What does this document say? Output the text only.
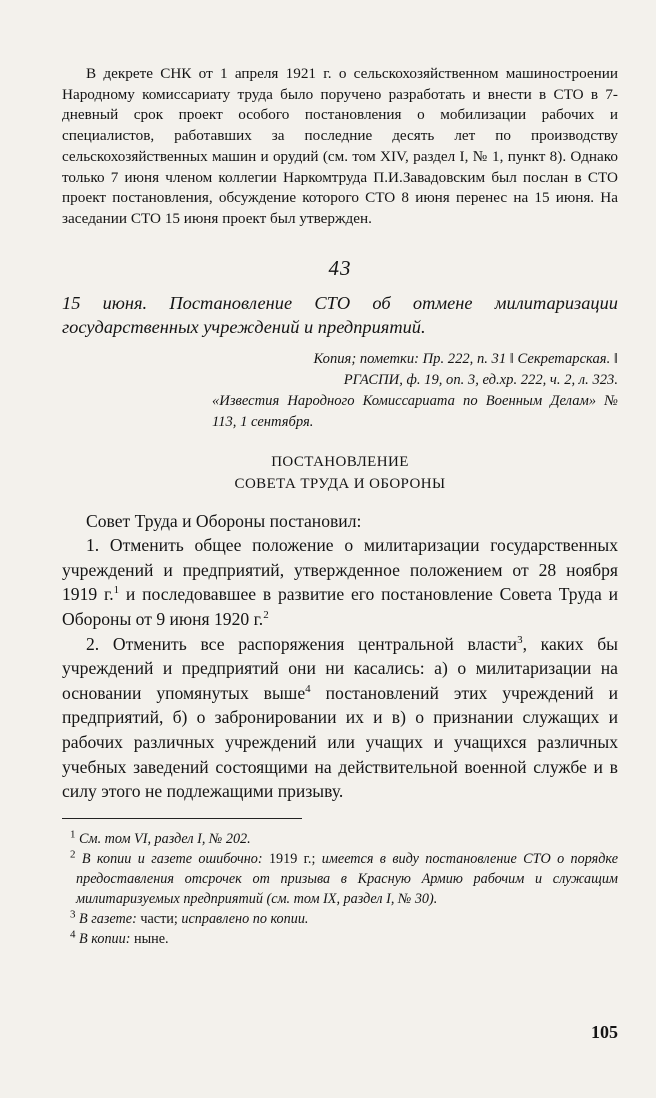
В декрете СНК от 1 апреля 1921 г. о сельскохозяйственном машиностроении Народному комиссариату труда было поручено разработать и внести в СТО в 7-дневный срок проект особого постановления о мобилизации рабочих и специалистов, работавших за последние десять лет по производству сельскохозяйственных машин и орудий (см. том XIV, раздел I, № 1, пункт 8). Однако только 7 июня членом коллегии Наркомтруда П.И.Завадовским был послан в СТО проект постановления, обсуждение которого СТО 8 июня перенес на 15 июня. На заседании СТО 15 июня проект был утвержден.

43

15 июня. Постановление СТО об отмене милитаризации государственных учреждений и предприятий.

Копия; пометки: Пр. 222, п. 31 ‖ Секретарская. ‖
РГАСПИ, ф. 19, оп. 3, ед.хр. 222, ч. 2, л. 323.
«Известия Народного Комиссариата по Военным Делам» № 113, 1 сентября.
ПОСТАНОВЛЕНИЕ
СОВЕТА ТРУДА И ОБОРОНЫ

Совет Труда и Обороны постановил:

1. Отменить общее положение о милитаризации государственных учреждений и предприятий, утвержденное положением от 28 ноября 1919 г.$^1$ и последовавшее в развитие его постановление Совета Труда и Обороны от 9 июня 1920 г.$^2$

2. Отменить все распоряжения центральной власти$^3$, каких бы учреждений и предприятий они ни касались: а) о милитаризации на основании упомянутых выше$^4$ постановлений этих учреждений и предприятий, б) о забронировании их и в) о признании служащих и рабочих различных учреждений или учащих и учащихся различных учебных заведений состоящими на действительной военной службе и в силу этого не подлежащими призыву.

$^1$ См. том VI, раздел I, № 202.

$^2$ В копии и газете ошибочно: 1919 г.; имеется в виду постановление СТО о порядке предоставления отсрочек от призыва в Красную Армию рабочим и служащим милитаризуемых предприятий (см. том IX, раздел I, № 30).

$^3$ В газете: части; исправлено по копии.

$^4$ В копии: ныне.

105
